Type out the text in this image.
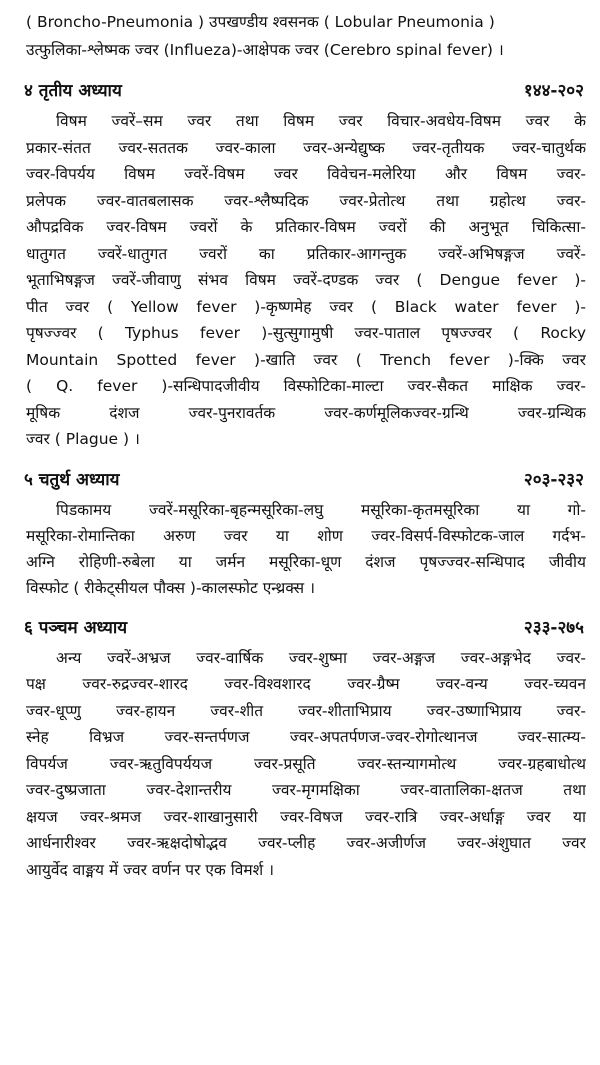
( Broncho-Pneumonia ) उपखण्डीय श्वसनक ( Lobular Pneumonia )
उत्फुलिका-श्लेष्मक ज्वर (Influeza)-आक्षेपक ज्वर (Cerebro spinal fever) ।
४ तृतीय अध्याय	१४४-२०२
विषम ज्वरें–सम ज्वर तथा विषम ज्वर विचार-अवधेय-विषम ज्वर के
प्रकार-संतत ज्वर-सततक ज्वर-काला ज्वर-अन्येद्युष्क ज्वर-तृतीयक ज्वर-चातुर्थक
ज्वर-विपर्यय विषम ज्वरें-विषम ज्वर विवेचन-मलेरिया और विषम ज्वर-
प्रलेपक ज्वर-वातबलासक ज्वर-श्लैष्पदिक ज्वर-प्रेतोत्थ तथा ग्रहोत्थ ज्वर-
औपद्रविक ज्वर-विषम ज्वरों के प्रतिकार-विषम ज्वरों की अनुभूत चिकित्सा-
धातुगत ज्वरें-धातुगत ज्वरों का प्रतिकार-आगन्तुक ज्वरें-अभिषङ्गज ज्वरें-
भूताभिषङ्गज ज्वरें-जीवाणु संभव विषम ज्वरें-दण्डक ज्वर ( Dengue fever )-
पीत ज्वर ( Yellow fever )-कृष्णमेह ज्वर ( Black water fever )-
पृषज्ज्वर ( Typhus fever )-सुत्सुगामुषी ज्वर-पाताल पृषज्ज्वर ( Rocky
Mountain Spotted fever )-खाति ज्वर ( Trench fever )-क्कि ज्वर
( Q. fever )-सन्धिपादजीवीय विस्फोटिका-माल्टा ज्वर-सैकत माक्षिक ज्वर-
मूषिक दंशज ज्वर-पुनरावर्तक ज्वर-कर्णमूलिकज्वर-ग्रन्थि ज्वर-ग्रन्थिक
ज्वर ( Plague ) ।
५ चतुर्थ अध्याय	२०३-२३२
पिडकामय ज्वरें-मसूरिका-बृहन्मसूरिका-लघु मसूरिका-कृतमसूरिका या गो-
मसूरिका-रोमान्तिका अरुण ज्वर या शोण ज्वर-विसर्प-विस्फोटक-जाल गर्दभ-
अग्नि रोहिणी-रुबेला या जर्मन मसूरिका-धूण दंशज पृषज्ज्वर-सन्धिपाद जीवीय
विस्फोट ( रीकेट्सीयल पौक्स )-कालस्फोट एन्थ्रक्स ।
६ पञ्चम अध्याय	२३३-२७५
अन्य ज्वरें-अभ्रज ज्वर-वार्षिक ज्वर-शुष्मा ज्वर-अङ्गज ज्वर-अङ्गभेद ज्वर-
पक्ष ज्वर-रुद्रज्वर-शारद ज्वर-विश्वशारद ज्वर-ग्रैष्म ज्वर-वन्य ज्वर-च्यवन
ज्वर-धूप्णु ज्वर-हायन ज्वर-शीत ज्वर-शीताभिप्राय ज्वर-उष्णाभिप्राय ज्वर-
स्नेह विभ्रज ज्वर-सन्तर्पणज ज्वर-अपतर्पणज-ज्वर-रोगोत्थानज ज्वर-सात्म्य-
विपर्यज ज्वर-ऋतुविपर्ययज ज्वर-प्रसूति ज्वर-स्तन्यागमोत्थ ज्वर-ग्रहबाधोत्थ
ज्वर-दुष्प्रजाता ज्वर-देशान्तरीय ज्वर-मृगमक्षिका ज्वर-वातालिका-क्षतज तथा
क्षयज ज्वर-श्रमज ज्वर-शाखानुसारी ज्वर-विषज ज्वर-रात्रि ज्वर-अर्धाङ्ग ज्वर या
आर्धनारीश्वर ज्वर-ऋक्षदोषोद्भव ज्वर-प्लीह ज्वर-अजीर्णज ज्वर-अंशुघात ज्वर
आयुर्वेद वाङ्मय में ज्वर वर्णन पर एक विमर्श ।
